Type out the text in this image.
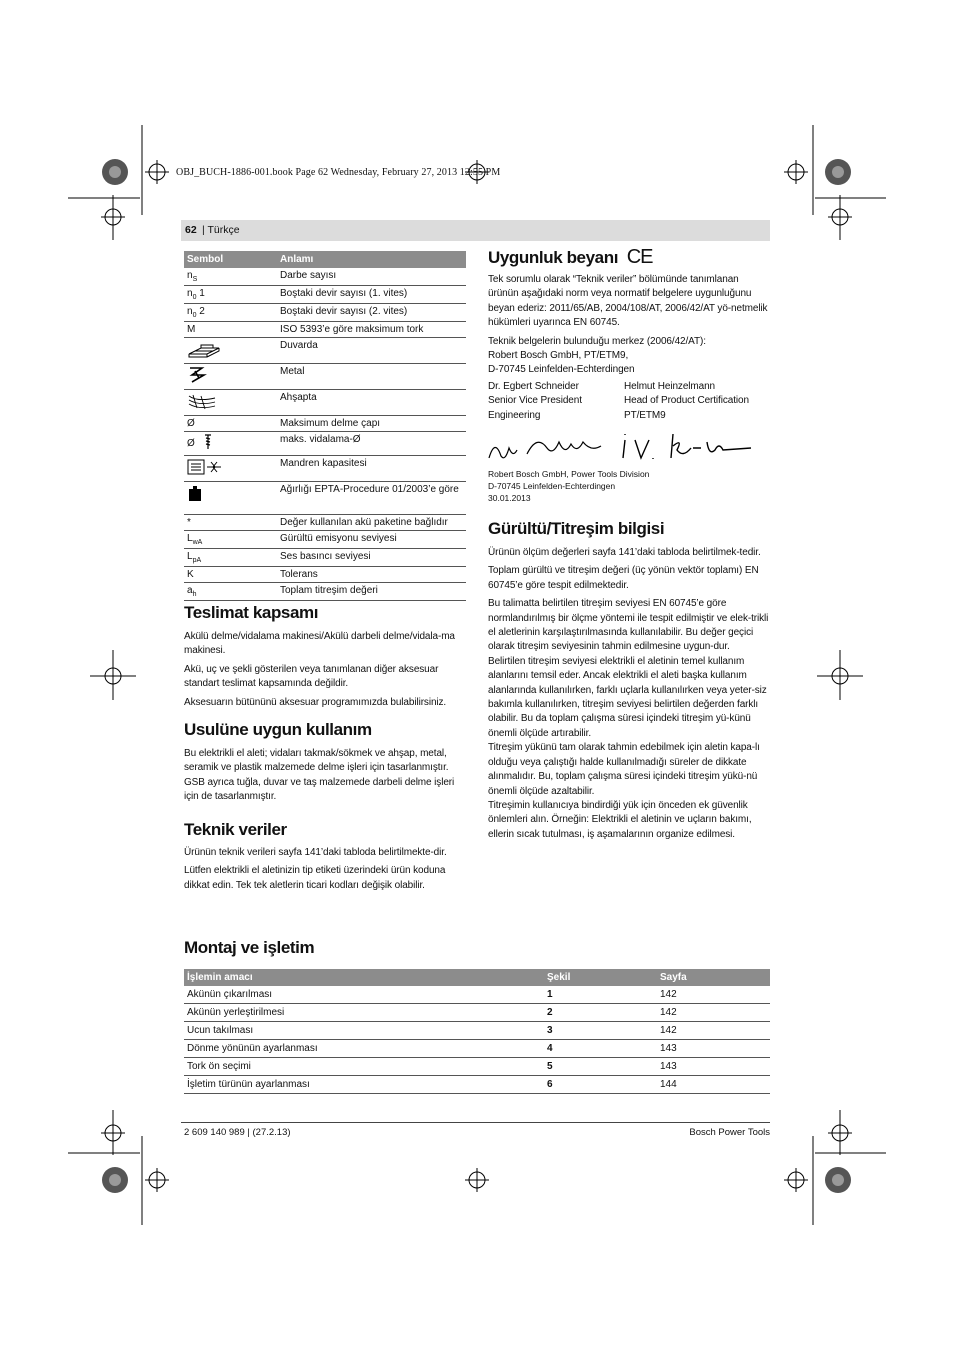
OBJ_BUCH-1886-001.book Page 62 Wednesday, February 27, 2013 12:55 PM
62 | Türkçe
Sembol	Anlamı
$n_S$	Darbe sayısı
$n_0$ 1	Boştaki devir sayısı (1. vites)
$n_0$ 2	Boştaki devir sayısı (2. vites)
M	ISO 5393’e göre maksimum tork
	Duvarda
	Metal
	Ahşapta
Ø	Maksimum delme çapı
Ø	maks. vidalama-Ø
	Mandren kapasitesi
	Ağırlığı EPTA-Procedure 01/2003’e göre
*	Değer kullanılan akü paketine bağlıdır
$L_{wA}$	Gürültü emisyonu seviyesi
$L_{pA}$	Ses basıncı seviyesi
K	Tolerans
$a_h$	Toplam titreşim değeri
Teslimat kapsamı

Akülü delme/vidalama makinesi/Akülü darbeli delme/vidala-ma makinesi.

Akü, uç ve şekli gösterilen veya tanımlanan diğer aksesuar standart teslimat kapsamında değildir.

Aksesuarın bütününü aksesuar programımızda bulabilirsiniz.

Usulüne uygun kullanım

Bu elektrikli el aleti; vidaları takmak/sökmek ve ahşap, metal, seramik ve plastik malzemede delme işleri için tasarlanmıştır. GSB ayrıca tuğla, duvar ve taş malzemede darbeli delme işleri için de tasarlanmıştır.

Teknik veriler

Ürünün teknik verileri sayfa 141’daki tabloda belirtilmekte-dir.

Lütfen elektrikli el aletinizin tip etiketi üzerindeki ürün koduna dikkat edin. Tek tek aletlerin ticari kodları değişik olabilir.

Uygunluk beyanı CE

Tek sorumlu olarak “Teknik veriler” bölümünde tanımlanan ürünün aşağıdaki norm veya normatif belgelere uygunluğunu beyan ederiz: 2011/65/AB, 2004/108/AT, 2006/42/AT yö-netmelik hükümleri uyarınca EN 60745.

Teknik belgelerin bulunduğu merkez (2006/42/AT):
Robert Bosch GmbH, PT/ETM9,
D-70745 Leinfelden-Echterdingen
Dr. Egbert Schneider
Senior Vice President
Engineering
Helmut Heinzelmann
Head of Product Certification
PT/ETM9
Robert Bosch GmbH, Power Tools Division
D-70745 Leinfelden-Echterdingen
30.01.2013
Gürültü/Titreşim bilgisi

Ürünün ölçüm değerleri sayfa 141’daki tabloda belirtilmek-tedir.

Toplam gürültü ve titreşim değeri (üç yönün vektör toplamı) EN 60745’e göre tespit edilmektedir.

Bu talimatta belirtilen titreşim seviyesi EN 60745’e göre normlandırılmış bir ölçme yöntemi ile tespit edilmiştir ve elek-trikli el aletlerinin karşılaştırılmasında kullanılabilir. Bu değer geçici olarak titreşim seviyesinin tahmin edilmesine uygun-dur.

Belirtilen titreşim seviyesi elektrikli el aletinin temel kullanım alanlarını temsil eder. Ancak elektrikli el aleti başka kullanım alanlarında kullanılırken, farklı uçlarla kullanılırken veya yeter-siz bakımla kullanılırken, titreşim seviyesi belirtilen değerden farklı olabilir. Bu da toplam çalışma süresi içindeki titreşim yü-künü önemli ölçüde artırabilir.

Titreşim yükünü tam olarak tahmin edebilmek için aletin kapa-lı olduğu veya çalıştığı halde kullanılmadığı süreler de dikkate alınmalıdır. Bu, toplam çalışma süresi içindeki titreşim yükü-nü önemli ölçüde azaltabilir.

Titreşimin kullanıcıya bindirdiği yük için önceden ek güvenlik önlemleri alın. Örneğin: Elektrikli el aletinin ve uçların bakımı, ellerin sıcak tutulması, iş aşamalarının organize edilmesi.

Montaj ve işletim
İşlemin amacı	Şekil	Sayfa
Akünün çıkarılması	1	142
Akünün yerleştirilmesi	2	142
Ucun takılması	3	142
Dönme yönünün ayarlanması	4	143
Tork ön seçimi	5	143
İşletim türünün ayarlanması	6	144
2 609 140 989 | (27.2.13)	Bosch Power Tools
